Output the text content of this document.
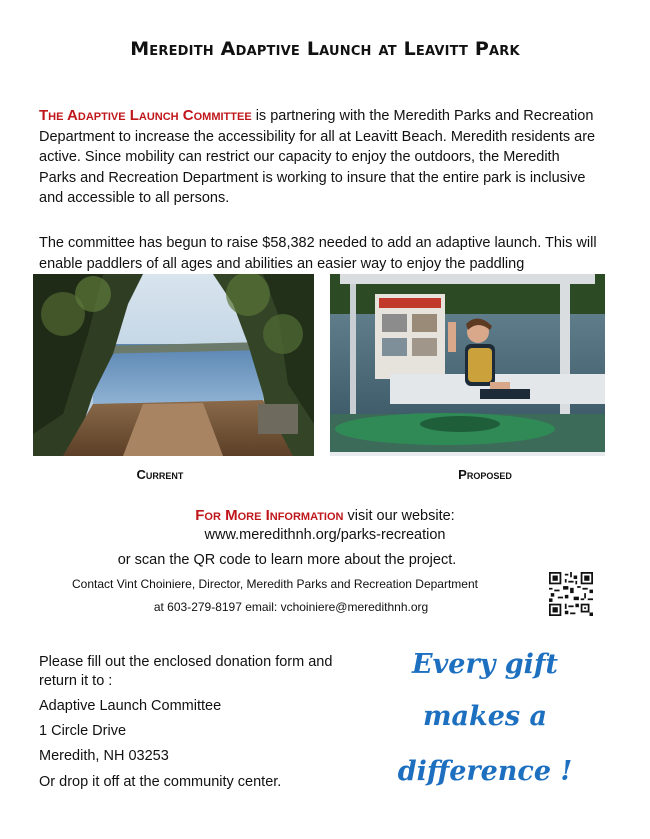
Meredith Adaptive Launch at Leavitt Park

The Adaptive Launch Committee is partnering with the Meredith Parks and Recreation Department to increase the accessibility for all at Leavitt Beach. Meredith residents are active. Since mobility can restrict our capacity to enjoy the outdoors, the Meredith Parks and Recreation Department is working to insure that the entire park is inclusive and accessible to all persons.

The committee has begun to raise $58,382 needed to add an adaptive launch. This will enable paddlers of all ages and abilities an easier way to enjoy the paddling

Current	Proposed

For More Information visit our website:

www.meredithnh.org/parks-recreation

or scan the QR code to learn more about the project.

Contact Vint Choiniere, Director, Meredith Parks and Recreation Department

at 603-279-8197 email: vchoiniere@meredithnh.org

Please fill out the enclosed donation form and return it to :

Adaptive Launch Committee

1 Circle Drive

Meredith, NH 03253

Or drop it off at the community center.

Every gift

makes a

difference !
